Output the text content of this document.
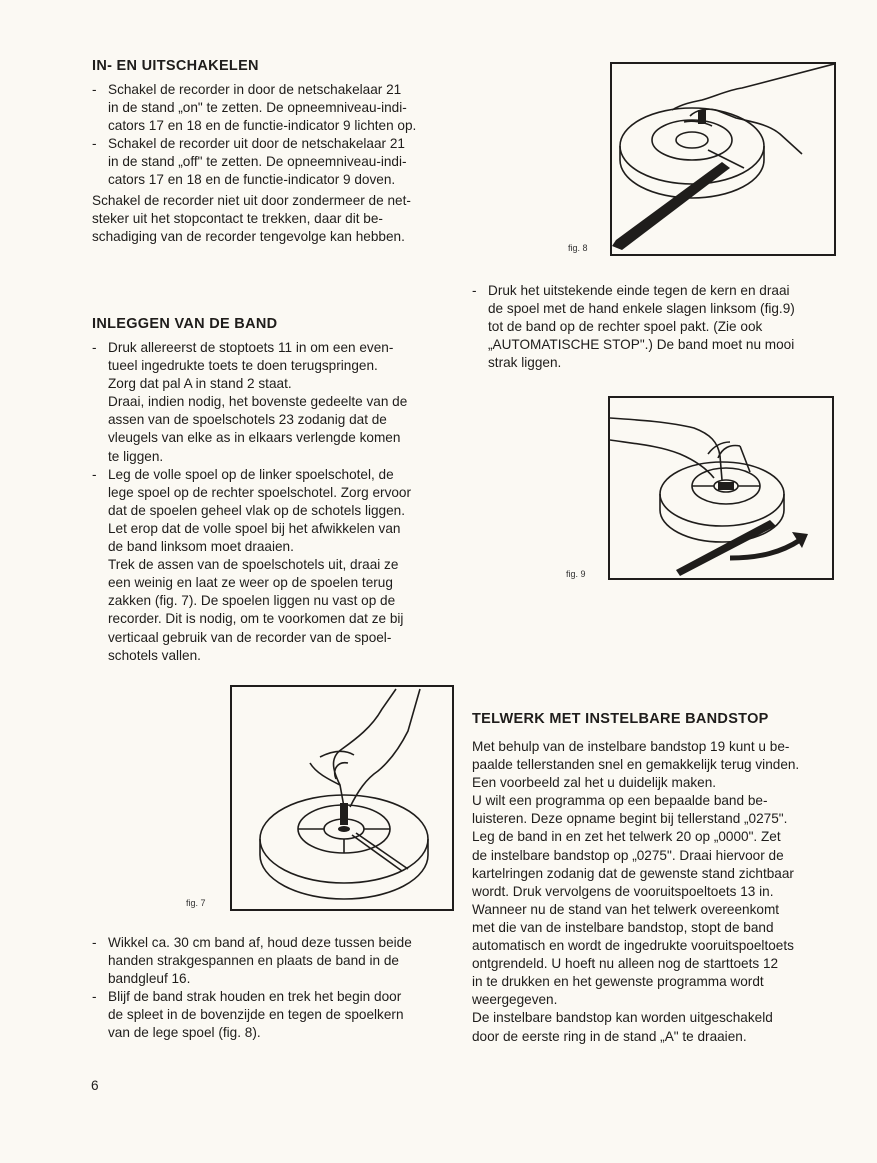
IN- EN UITSCHAKELEN
- Schakel de recorder in door de netschakelaar 21

in de stand „on" te zetten. De opneemniveau-indi-

cators 17 en 18 en de functie-indicator 9 lichten op.

- Schakel de recorder uit door de netschakelaar 21

in de stand „off" te zetten. De opneemniveau-indi-

cators 17 en 18 en de functie-indicator 9 doven.

Schakel de recorder niet uit door zondermeer de net-

steker uit het stopcontact te trekken, daar dit be-

schadiging van de recorder tengevolge kan hebben.

INLEGGEN VAN DE BAND
- Druk allereerst de stoptoets 11 in om een even-

tueel ingedrukte toets te doen terugspringen.

Zorg dat pal A in stand 2 staat.

Draai, indien nodig, het bovenste gedeelte van de

assen van de spoelschotels 23 zodanig dat de

vleugels van elke as in elkaars verlengde komen

te liggen.

- Leg de volle spoel op de linker spoelschotel, de

lege spoel op de rechter spoelschotel. Zorg ervoor

dat de spoelen geheel vlak op de schotels liggen.

Let erop dat de volle spoel bij het afwikkelen van

de band linksom moet draaien.

Trek de assen van de spoelschotels uit, draai ze

een weinig en laat ze weer op de spoelen terug

zakken (fig. 7). De spoelen liggen nu vast op de

recorder. Dit is nodig, om te voorkomen dat ze bij

verticaal gebruik van de recorder van de spoel-

schotels vallen.

fig. 7
- Wikkel ca. 30 cm band af, houd deze tussen beide

handen strakgespannen en plaats de band in de

bandgleuf 16.

- Blijf de band strak houden en trek het begin door

de spleet in de bovenzijde en tegen de spoelkern

van de lege spoel (fig. 8).

fig. 8
- Druk het uitstekende einde tegen de kern en draai

de spoel met de hand enkele slagen linksom (fig.9)

tot de band op de rechter spoel pakt. (Zie ook

„AUTOMATISCHE STOP".) De band moet nu mooi

strak liggen.

fig. 9
TELWERK MET INSTELBARE BANDSTOP

Met behulp van de instelbare bandstop 19 kunt u be-

paalde tellerstanden snel en gemakkelijk terug vinden.

Een voorbeeld zal het u duidelijk maken.

U wilt een programma op een bepaalde band be-

luisteren. Deze opname begint bij tellerstand „0275".

Leg de band in en zet het telwerk 20 op „0000". Zet

de instelbare bandstop op „0275". Draai hiervoor de

kartelringen zodanig dat de gewenste stand zichtbaar

wordt. Druk vervolgens de vooruitspoeltoets 13 in.

Wanneer nu de stand van het telwerk overeenkomt

met die van de instelbare bandstop, stopt de band

automatisch en wordt de ingedrukte vooruitspoeltoets

ontgrendeld. U hoeft nu alleen nog de starttoets 12

in te drukken en het gewenste programma wordt

weergegeven.

De instelbare bandstop kan worden uitgeschakeld

door de eerste ring in de stand „A" te draaien.

6
